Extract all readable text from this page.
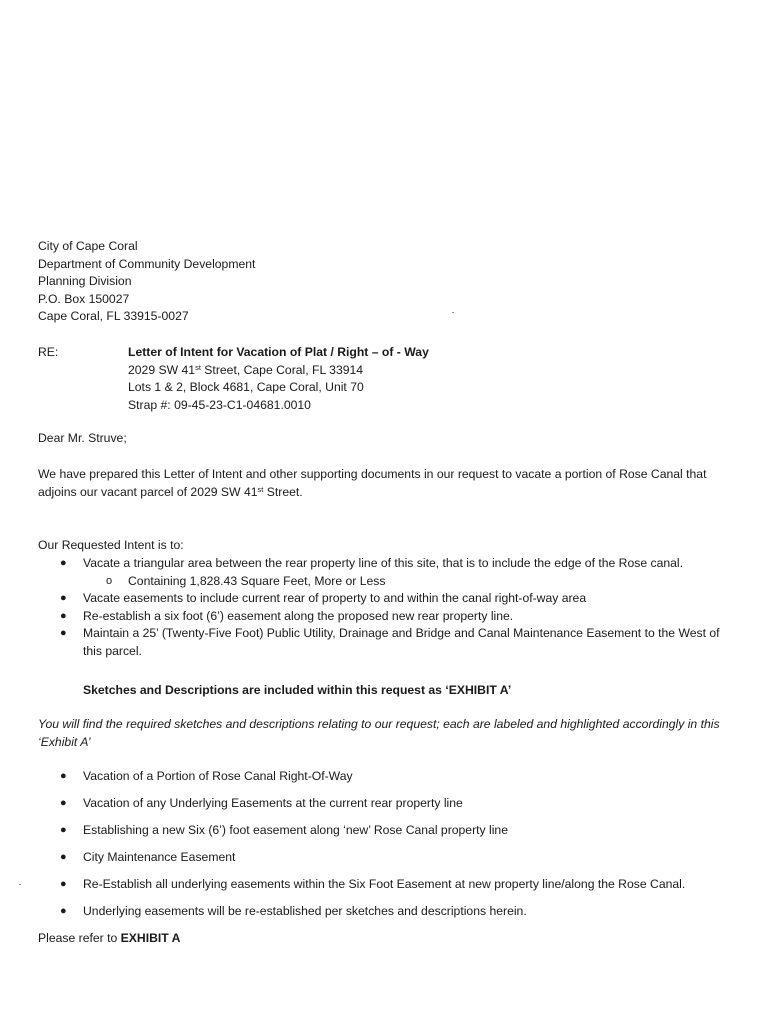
City of Cape Coral
Department of Community Development
Planning Division
P.O. Box 150027
Cape Coral, FL 33915-0027
RE:	Letter of Intent for Vacation of Plat / Right – of - Way
2029 SW 41st Street, Cape Coral, FL 33914
Lots 1 & 2, Block 4681, Cape Coral, Unit 70
Strap #: 09-45-23-C1-04681.0010
Dear Mr. Struve;
We have prepared this Letter of Intent and other supporting documents in our request to vacate a portion of Rose Canal that adjoins our vacant parcel of 2029 SW 41st Street.
Our Requested Intent is to:
● Vacate a triangular area between the rear property line of this site, that is to include the edge of the Rose canal.
o Containing 1,828.43 Square Feet, More or Less
● Vacate easements to include current rear of property to and within the canal right-of-way area
● Re-establish a six foot (6’) easement along the proposed new rear property line.
● Maintain a 25’ (Twenty-Five Foot) Public Utility, Drainage and Bridge and Canal Maintenance Easement to the West of this parcel.
Sketches and Descriptions are included within this request as ‘EXHIBIT A’
You will find the required sketches and descriptions relating to our request; each are labeled and highlighted accordingly in this ‘Exhibit A’
● Vacation of a Portion of Rose Canal Right-Of-Way
● Vacation of any Underlying Easements at the current rear property line
● Establishing a new Six (6’) foot easement along ‘new’ Rose Canal property line
● City Maintenance Easement
● Re-Establish all underlying easements within the Six Foot Easement at new property line/along the Rose Canal.
● Underlying easements will be re-established per sketches and descriptions herein.
Please refer to EXHIBIT A
